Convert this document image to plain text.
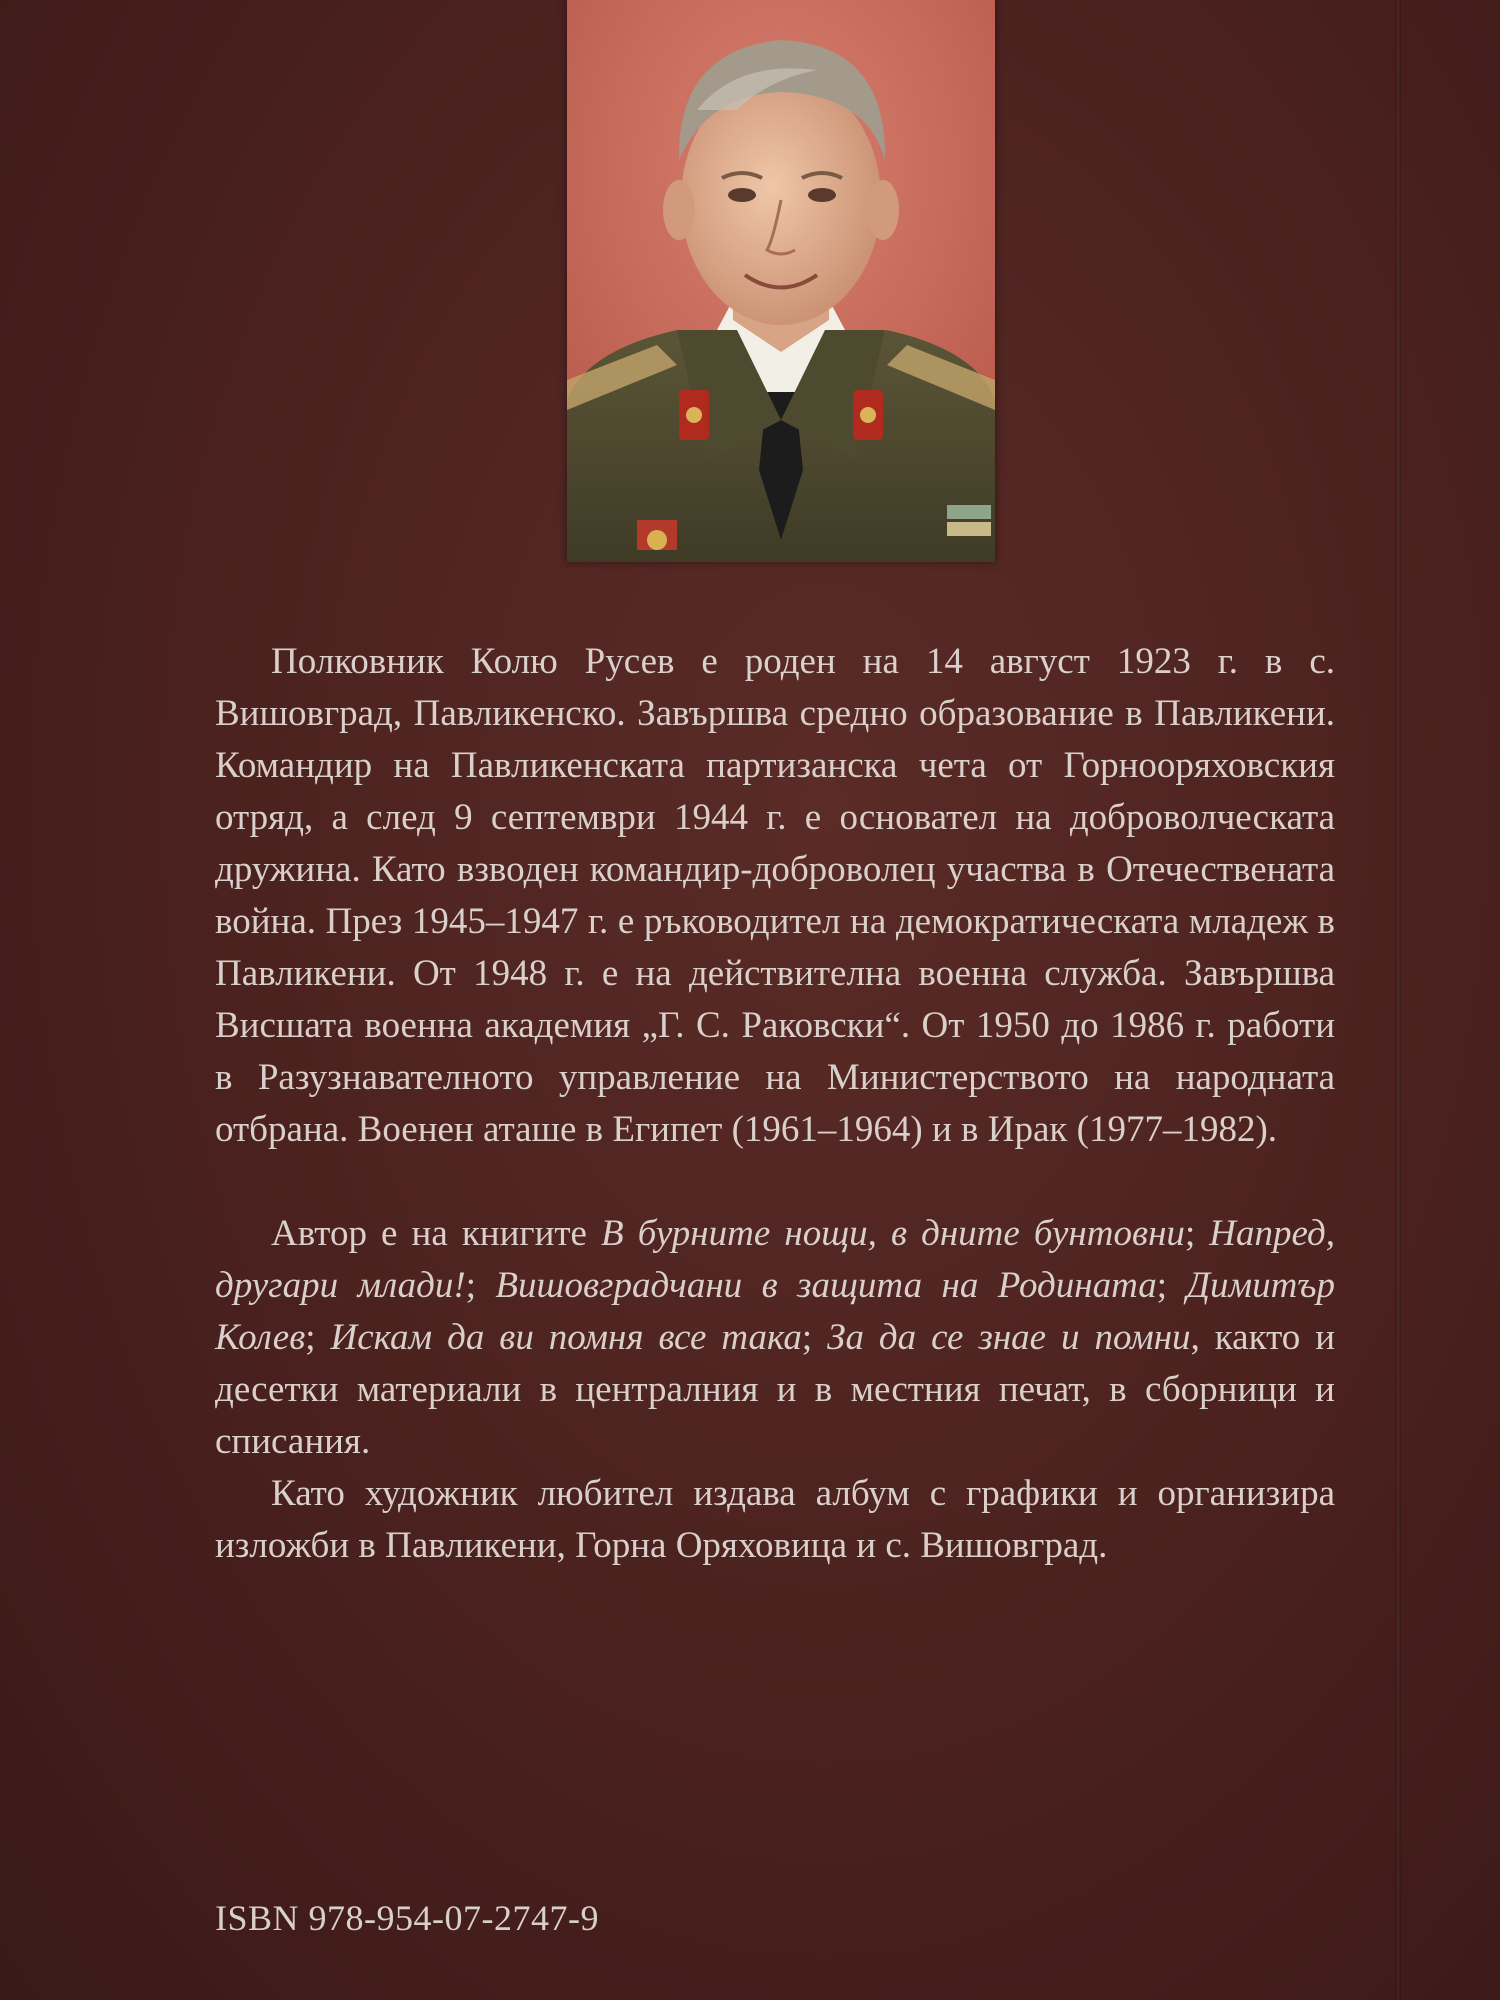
Полковник Колю Русев е роден на 14 август 1923 г. в с. Вишовград, Павликенско. Завършва средно образование в Павликени. Командир на Павликенската партизанска чета от Горнооряховския отряд, а след 9 септември 1944 г. е основател на доброволческата дружина. Като взводен командир-доброволец участва в Отечествената война. През 1945–1947 г. е ръководител на демократическата младеж в Павликени. От 1948 г. е на действителна военна служба. Завършва Висшата военна академия „Г. С. Раковски“. От 1950 до 1986 г. работи в Разузнавателното управление на Министерството на народната отбрана. Военен аташе в Египет (1961–1964) и в Ирак (1977–1982).

Автор е на книгите В бурните нощи, в дните бунтовни; Напред, другари млади!; Вишовградчани в защита на Родината; Димитър Колев; Искам да ви помня все така; За да се знае и помни, както и десетки материали в централния и в местния печат, в сборници и списания.

Като художник любител издава албум с графики и организира изложби в Павликени, Горна Оряховица и с. Вишовград.

ISBN 978-954-07-2747-9
